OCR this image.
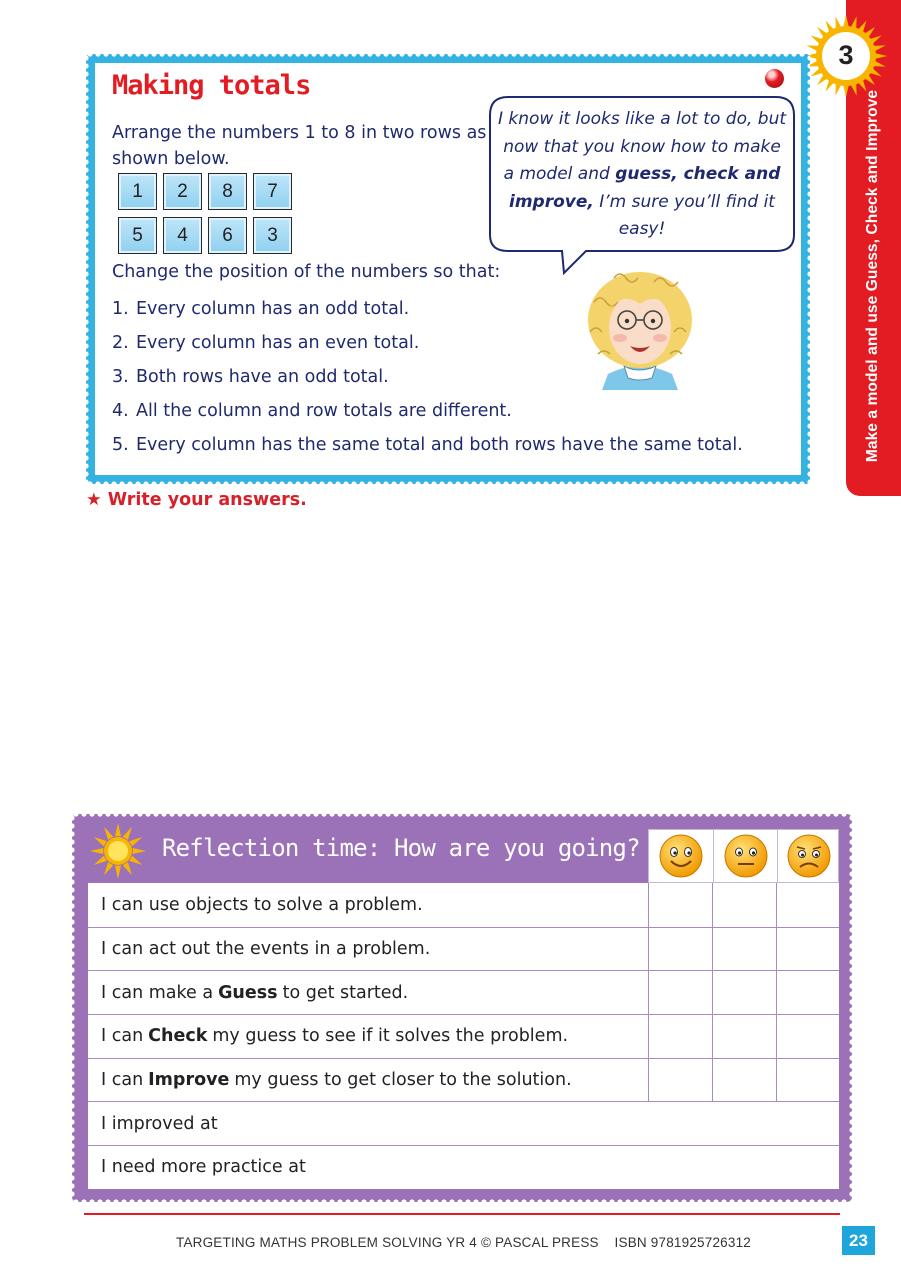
Make a model and use Guess, Check and Improve
3
Making totals
Arrange the numbers 1 to 8 in two rows as shown below.
1	2	8	7
5	4	6	3
Change the position of the numbers so that:
1. Every column has an odd total.
2. Every column has an even total.
3. Both rows have an odd total.
4. All the column and row totals are different.
5. Every column has the same total and both rows have the same total.
I know it looks like a lot to do, but now that you know how to make a model and guess, check and improve, I’m sure you’ll find it easy!
★ Write your answers.
Reflection time: How are you going?
I can use objects to solve a problem.
I can act out the events in a problem.
I can make a Guess to get started.
I can Check my guess to see if it solves the problem.
I can Improve my guess to get closer to the solution.
I improved at
I need more practice at
TARGETING MATHS PROBLEM SOLVING YR 4 © PASCAL PRESS    ISBN 9781925726312	23
